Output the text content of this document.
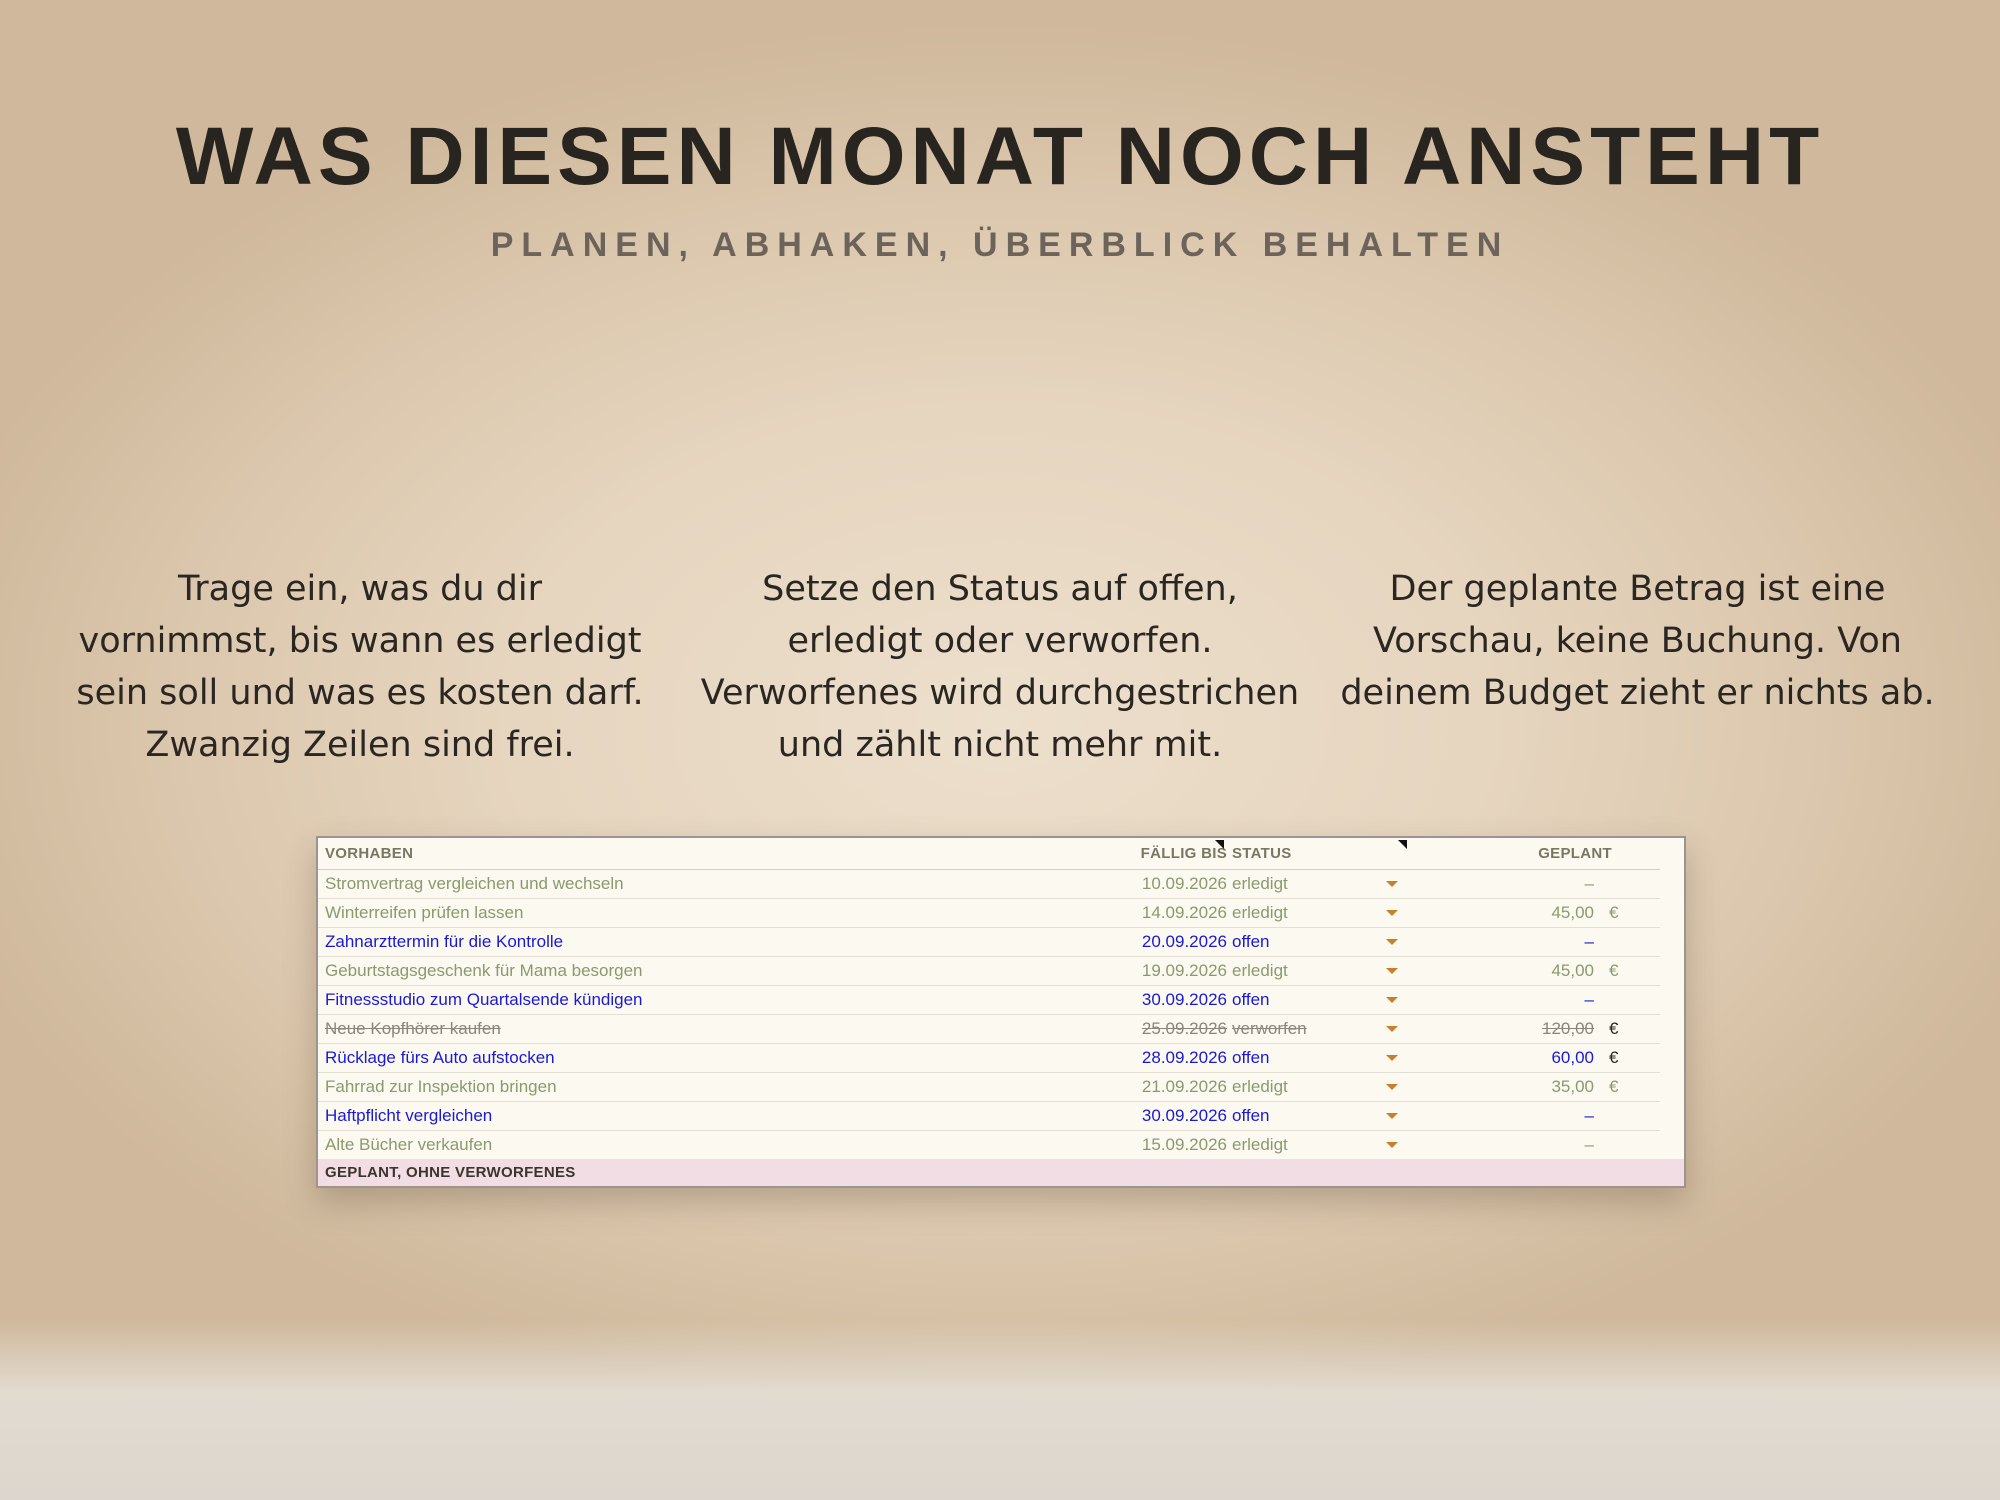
WAS DIESEN MONAT NOCH ANSTEHT
PLANEN, ABHAKEN, ÜBERBLICK BEHALTEN

Trage ein, was du dir
vornimmst, bis wann es erledigt
sein soll und was es kosten darf.
Zwanzig Zeilen sind frei.

Setze den Status auf offen,
erledigt oder verworfen.
Verworfenes wird durchgestrichen
und zählt nicht mehr mit.

Der geplante Betrag ist eine
Vorschau, keine Buchung. Von
deinem Budget zieht er nichts ab.

VORHABEN	FÄLLIG BIS STATUS	GEPLANT
Stromvertrag vergleichen und wechseln	10.09.2026 erledigt	–
Winterreifen prüfen lassen	14.09.2026 erledigt	45,00 €
Zahnarzttermin für die Kontrolle	20.09.2026 offen	–
Geburtstagsgeschenk für Mama besorgen	19.09.2026 erledigt	45,00 €
Fitnessstudio zum Quartalsende kündigen	30.09.2026 offen	–
Neue Kopfhörer kaufen	25.09.2026 verworfen	120,00 €
Rücklage fürs Auto aufstocken	28.09.2026 offen	60,00 €
Fahrrad zur Inspektion bringen	21.09.2026 erledigt	35,00 €
Haftpflicht vergleichen	30.09.2026 offen	–
Alte Bücher verkaufen	15.09.2026 erledigt	–
GEPLANT, OHNE VERWORFENES
